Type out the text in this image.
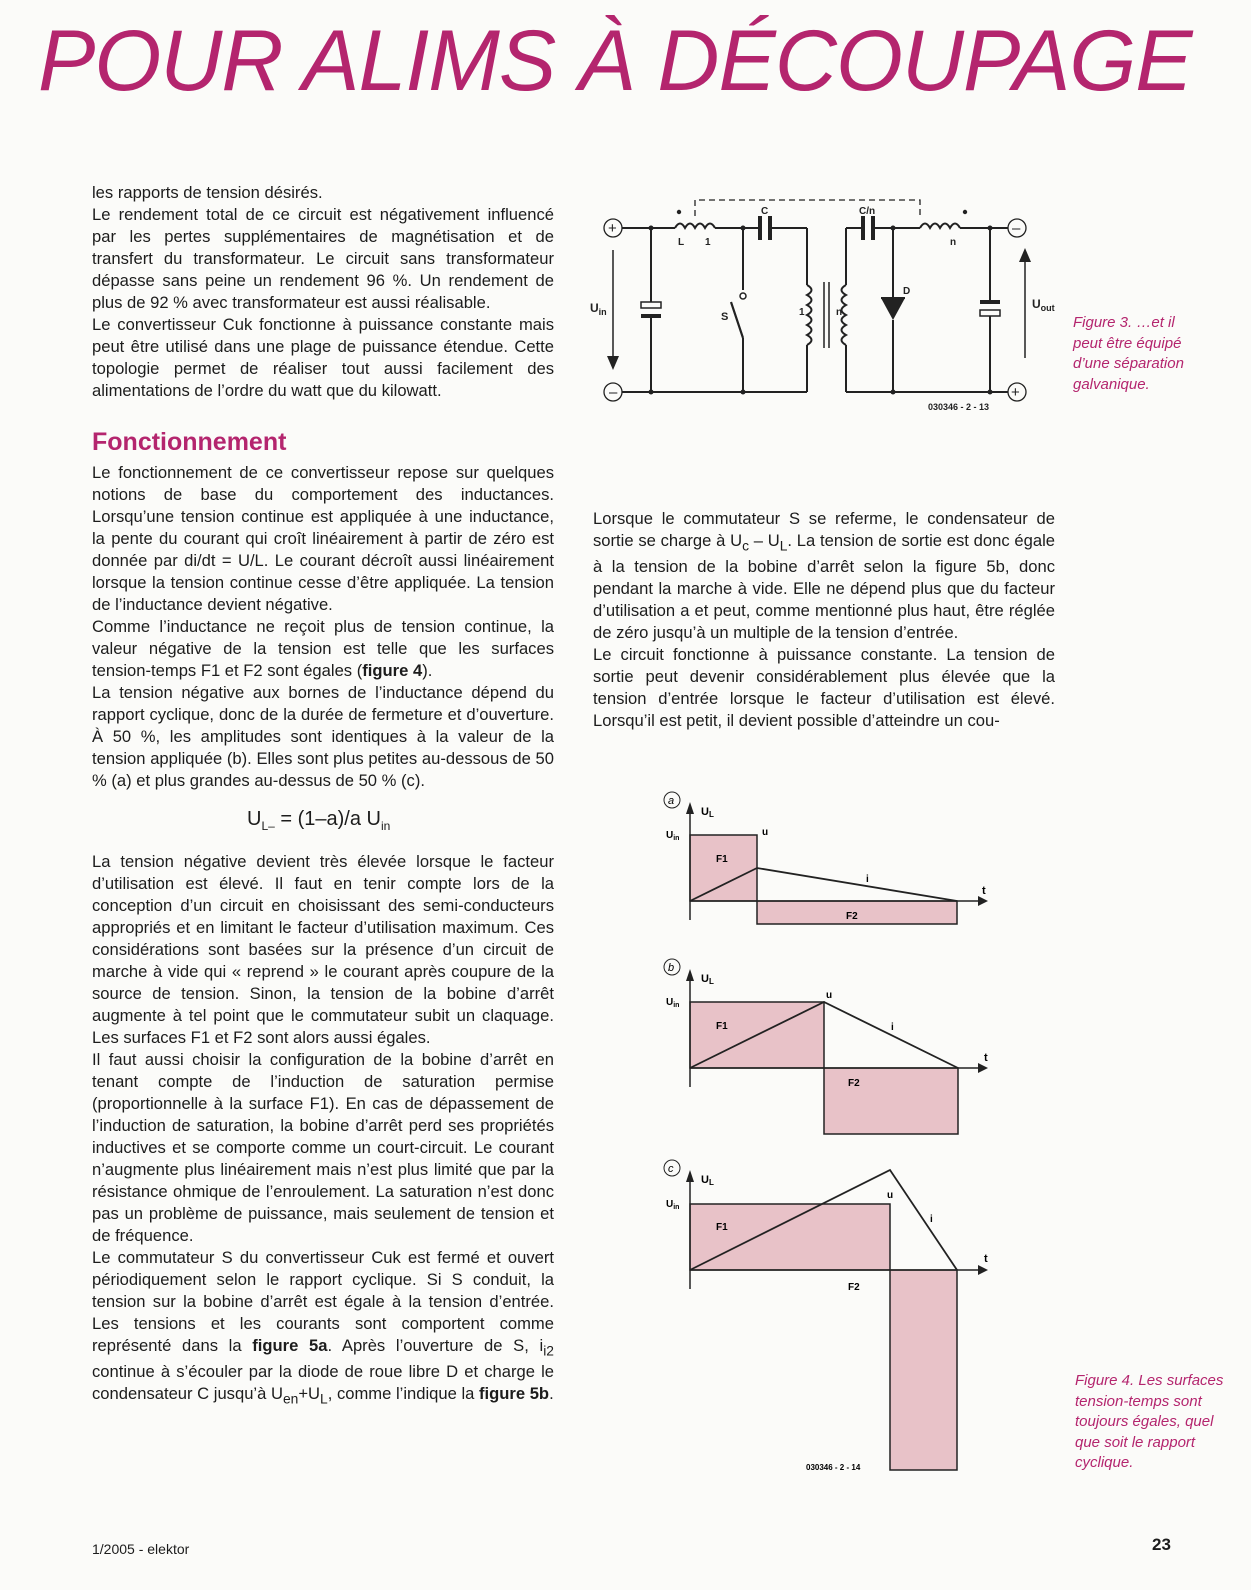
POUR ALIMS À DÉCOUPAGE

les rapports de tension désirés.

Le rendement total de ce circuit est négativement influencé par les pertes supplémentaires de magnétisation et de transfert du transformateur. Le circuit sans transformateur dépasse sans peine un rendement 96 %. Un rendement de plus de 92 % avec transformateur est aussi réalisable.

Le convertisseur Cuk fonctionne à puissance constante mais peut être utilisé dans une plage de puissance étendue. Cette topologie permet de réaliser tout aussi facilement des alimentations de l’ordre du watt que du kilowatt.

Fonctionnement

Le fonctionnement de ce convertisseur repose sur quelques notions de base du comportement des inductances. Lorsqu’une tension continue est appliquée à une inductance, la pente du courant qui croît linéairement à partir de zéro est donnée par di/dt = U/L. Le courant décroît aussi linéairement lorsque la tension continue cesse d’être appliquée. La tension de l’inductance devient négative.

Comme l’inductance ne reçoit plus de tension continue, la valeur négative de la tension est telle que les surfaces tension-temps F1 et F2 sont égales (figure 4).

La tension négative aux bornes de l’inductance dépend du rapport cyclique, donc de la durée de fermeture et d’ouverture. À 50 %, les amplitudes sont identiques à la valeur de la tension appliquée (b). Elles sont plus petites au-dessous de 50 % (a) et plus grandes au-dessus de 50 % (c).

$U_{L-} = (1-a)/a$ $U_{in}$

La tension négative devient très élevée lorsque le facteur d’utilisation est élevé. Il faut en tenir compte lors de la conception d’un circuit en choisissant des semi-conducteurs appropriés et en limitant le facteur d’utilisation maximum. Ces considérations sont basées sur la présence d’un circuit de marche à vide qui « reprend » le courant après coupure de la source de tension. Sinon, la tension de la bobine d’arrêt augmente à tel point que le commutateur subit un claquage. Les surfaces F1 et F2 sont alors aussi égales.

Il faut aussi choisir la configuration de la bobine d’arrêt en tenant compte de l’induction de saturation permise (proportionnelle à la surface F1). En cas de dépassement de l’induction de saturation, la bobine d’arrêt perd ses propriétés inductives et se comporte comme un court-circuit. Le courant n’augmente plus linéairement mais n’est plus limité que par la résistance ohmique de l’enroulement. La saturation n’est donc pas un problème de puissance, mais seulement de tension et de fréquence.

Le commutateur S du convertisseur Cuk est fermé et ouvert périodiquement selon le rapport cyclique. Si S conduit, la tension sur la bobine d’arrêt est égale à la tension d’entrée. Les tensions et les courants sont comportent comme représenté dans la figure 5a. Après l’ouverture de S, $i_{i2}$ continue à s’écouler par la diode de roue libre D et charge le condensateur C jusqu’à $U_{en}+U_L$, comme l’indique la figure 5b.

Lorsque le commutateur S se referme, le condensateur de sortie se charge à $U_c - U_L$. La tension de sortie est donc égale à la tension de la bobine d’arrêt selon la figure 5b, donc pendant la marche à vide. Elle ne dépend plus que du facteur d’utilisation a et peut, comme mentionné plus haut, être réglée de zéro jusqu’à un multiple de la tension d’entrée.

Le circuit fonctionne à puissance constante. La tension de sortie peut devenir considérablement plus élevée que la tension d’entrée lorsque le facteur d’utilisation est élevé. Lorsqu’il est petit, il devient possible d’atteindre un cou-

+
–
–
+
L 1
C	C/n
n
S	1	n
D
$U_{in}$
$U_{out}$
030346 - 2 - 13
Figure 3. …et il peut être équipé d’une séparation galvanique.
a
UL
$U_{in}$
u
i
t
F1
F2
b
UL
$U_{in}$
u
i
t
F1
F2
c
UL
$U_{in}$
u
i
t
F1
F2
030346 - 2 - 14
Figure 4. Les surfaces tension-temps sont toujours égales, quel que soit le rapport cyclique.
1/2005 - elektor	23
